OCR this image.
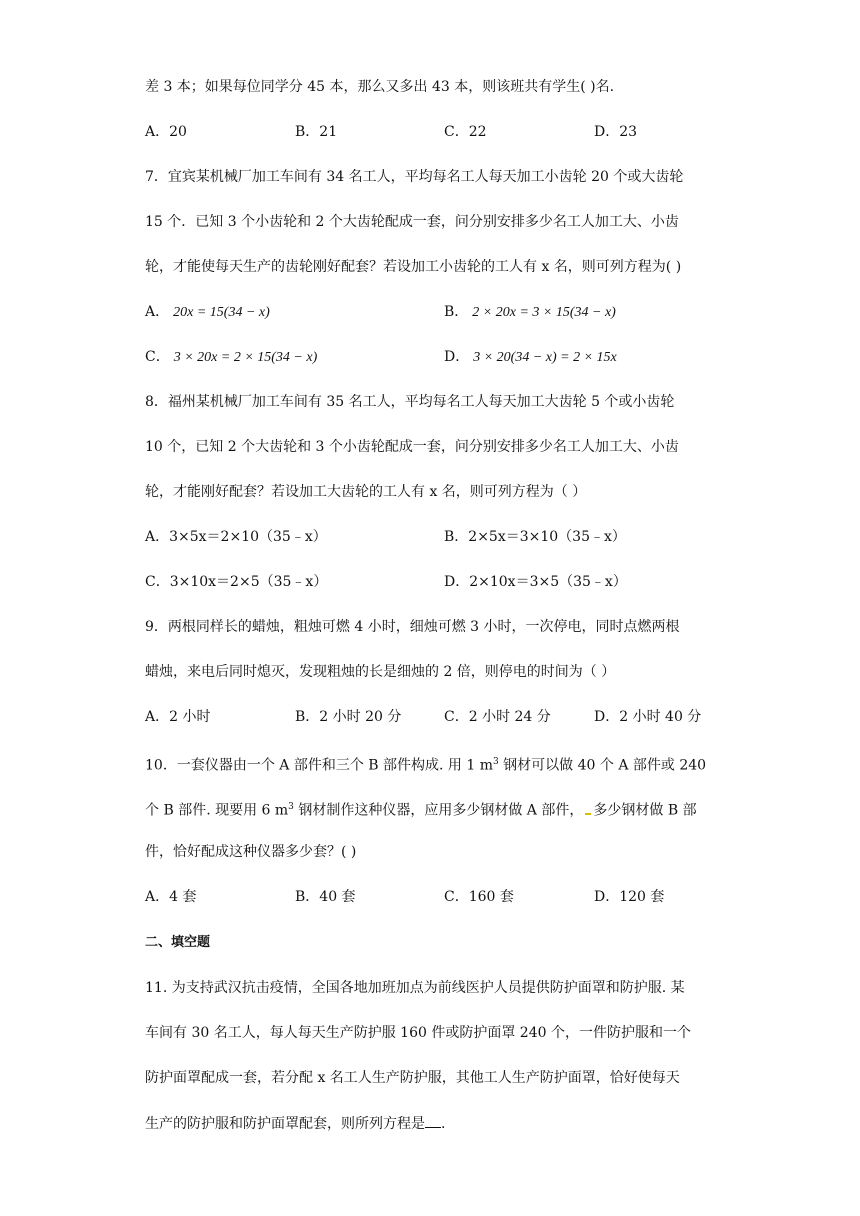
差 3 本；如果每位同学分 45 本，那么又多出 43 本，则该班共有学生( )名.
A．20	B．21	C．22	D．23
7．宜宾某机械厂加工车间有 34 名工人，平均每名工人每天加工小齿轮 20 个或大齿轮
15 个．已知 3 个小齿轮和 2 个大齿轮配成一套，问分别安排多少名工人加工大、小齿
轮，才能使每天生产的齿轮刚好配套？若设加工小齿轮的工人有 x 名，则可列方程为( )
A． 20x = 15(34 − x)	B． 2 × 20x = 3 × 15(34 − x)
C． 3 × 20x = 2 × 15(34 − x)	D． 3 × 20(34 − x) = 2 × 15x
8．福州某机械厂加工车间有 35 名工人，平均每名工人每天加工大齿轮 5 个或小齿轮
10 个，已知 2 个大齿轮和 3 个小齿轮配成一套，问分别安排多少名工人加工大、小齿
轮，才能刚好配套？若设加工大齿轮的工人有 x 名，则可列方程为（ ）
A．3×5x＝2×10（35﹣x）	B．2×5x＝3×10（35﹣x）
C．3×10x＝2×5（35﹣x）	D．2×10x＝3×5（35﹣x）
9．两根同样长的蜡烛，粗烛可燃 4 小时，细烛可燃 3 小时，一次停电，同时点燃两根
蜡烛，来电后同时熄灭，发现粗烛的长是细烛的 2 倍，则停电的时间为（ ）
A．2 小时	B．2 小时 20 分	C．2 小时 24 分	D．2 小时 40 分
10．一套仪器由一个 A 部件和三个 B 部件构成. 用 1 $m^3$ 钢材可以做 40 个 A 部件或 240
个 B 部件. 现要用 6 $m^3$ 钢材制作这种仪器，应用多少钢材做 A 部件， 多少钢材做 B 部
件，恰好配成这种仪器多少套？( )
A．4 套	B．40 套	C．160 套	D．120 套
二、填空题
11. 为支持武汉抗击疫情，全国各地加班加点为前线医护人员提供防护面罩和防护服. 某
车间有 30 名工人，每人每天生产防护服 160 件或防护面罩 240 个，一件防护服和一个
防护面罩配成一套，若分配 x 名工人生产防护服，其他工人生产防护面罩，恰好使每天
生产的防护服和防护面罩配套，则所列方程是 .
